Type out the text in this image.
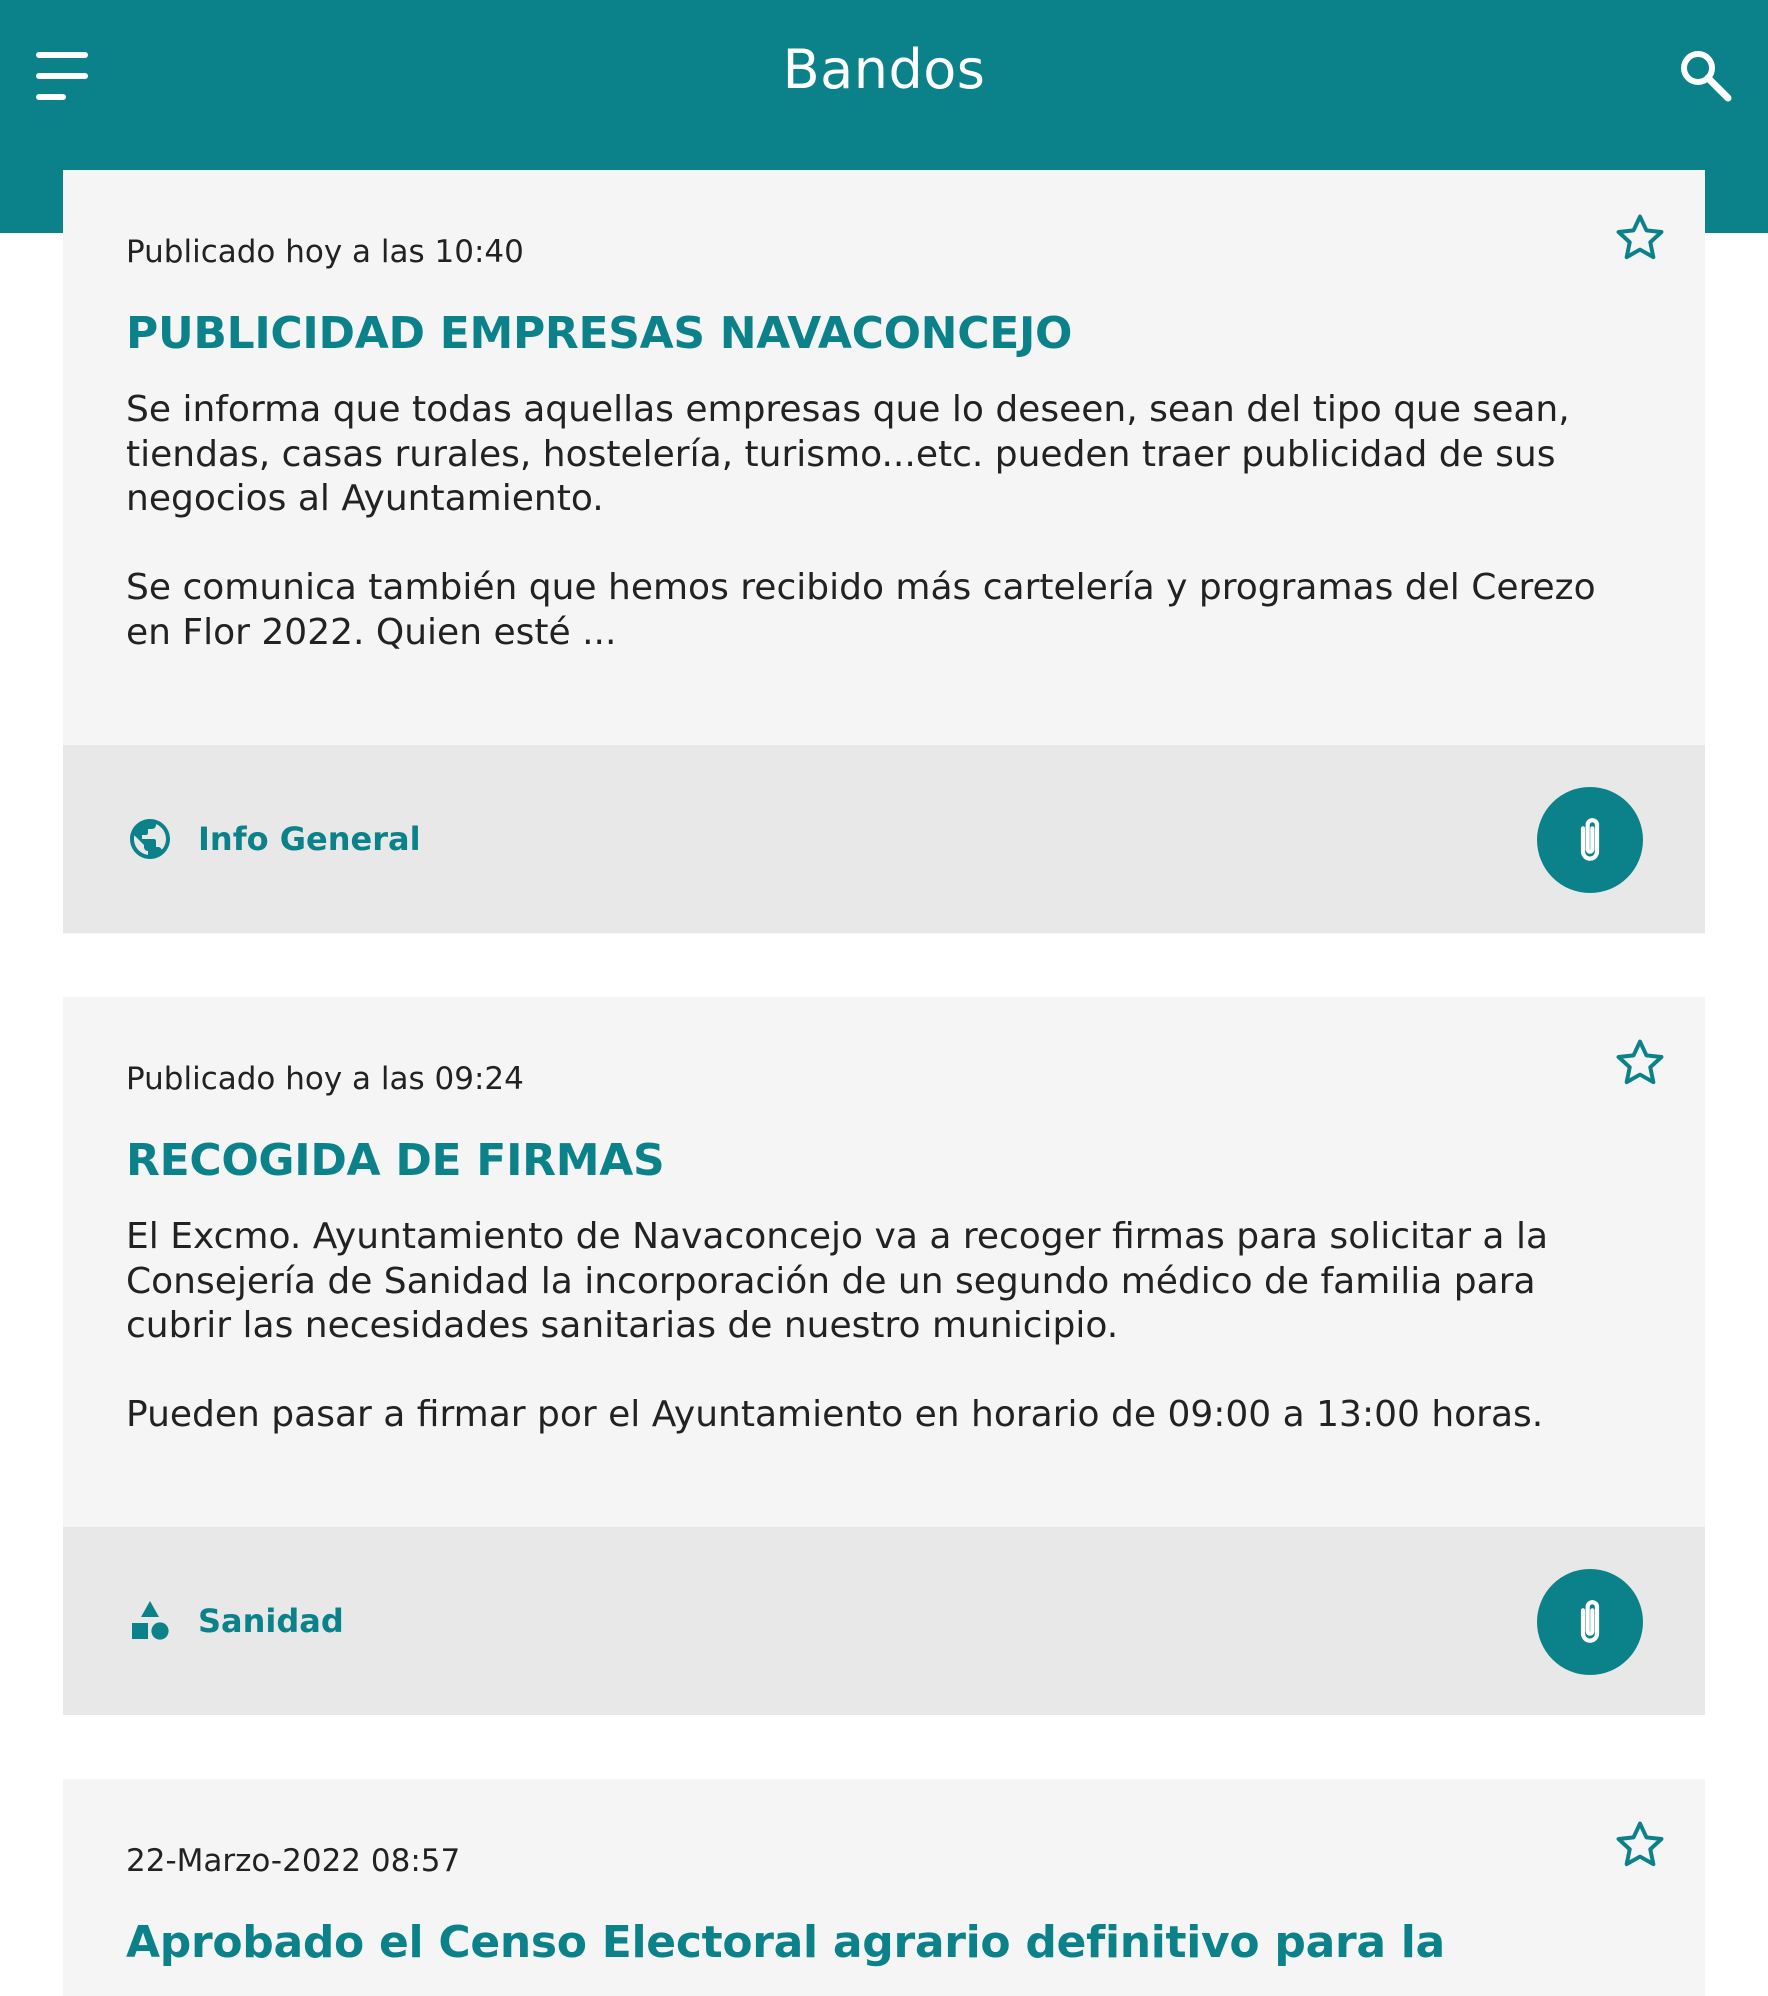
Bandos
Publicado hoy a las 10:40
PUBLICIDAD EMPRESAS NAVACONCEJO

Se informa que todas aquellas empresas que lo deseen, sean del tipo que sean, tiendas, casas rurales, hostelería, turismo...etc. pueden traer publicidad de sus negocios al Ayuntamiento.

Se comunica también que hemos recibido más cartelería y programas del Cerezo en Flor 2022. Quien esté ...

Info General
Publicado hoy a las 09:24
RECOGIDA DE FIRMAS

El Excmo. Ayuntamiento de Navaconcejo va a recoger firmas para solicitar a la Consejería de Sanidad la incorporación de un segundo médico de familia para cubrir las necesidades sanitarias de nuestro municipio.

Pueden pasar a firmar por el Ayuntamiento en horario de 09:00 a 13:00 horas.

Sanidad
22-Marzo-2022 08:57
Aprobado el Censo Electoral agrario definitivo para la
